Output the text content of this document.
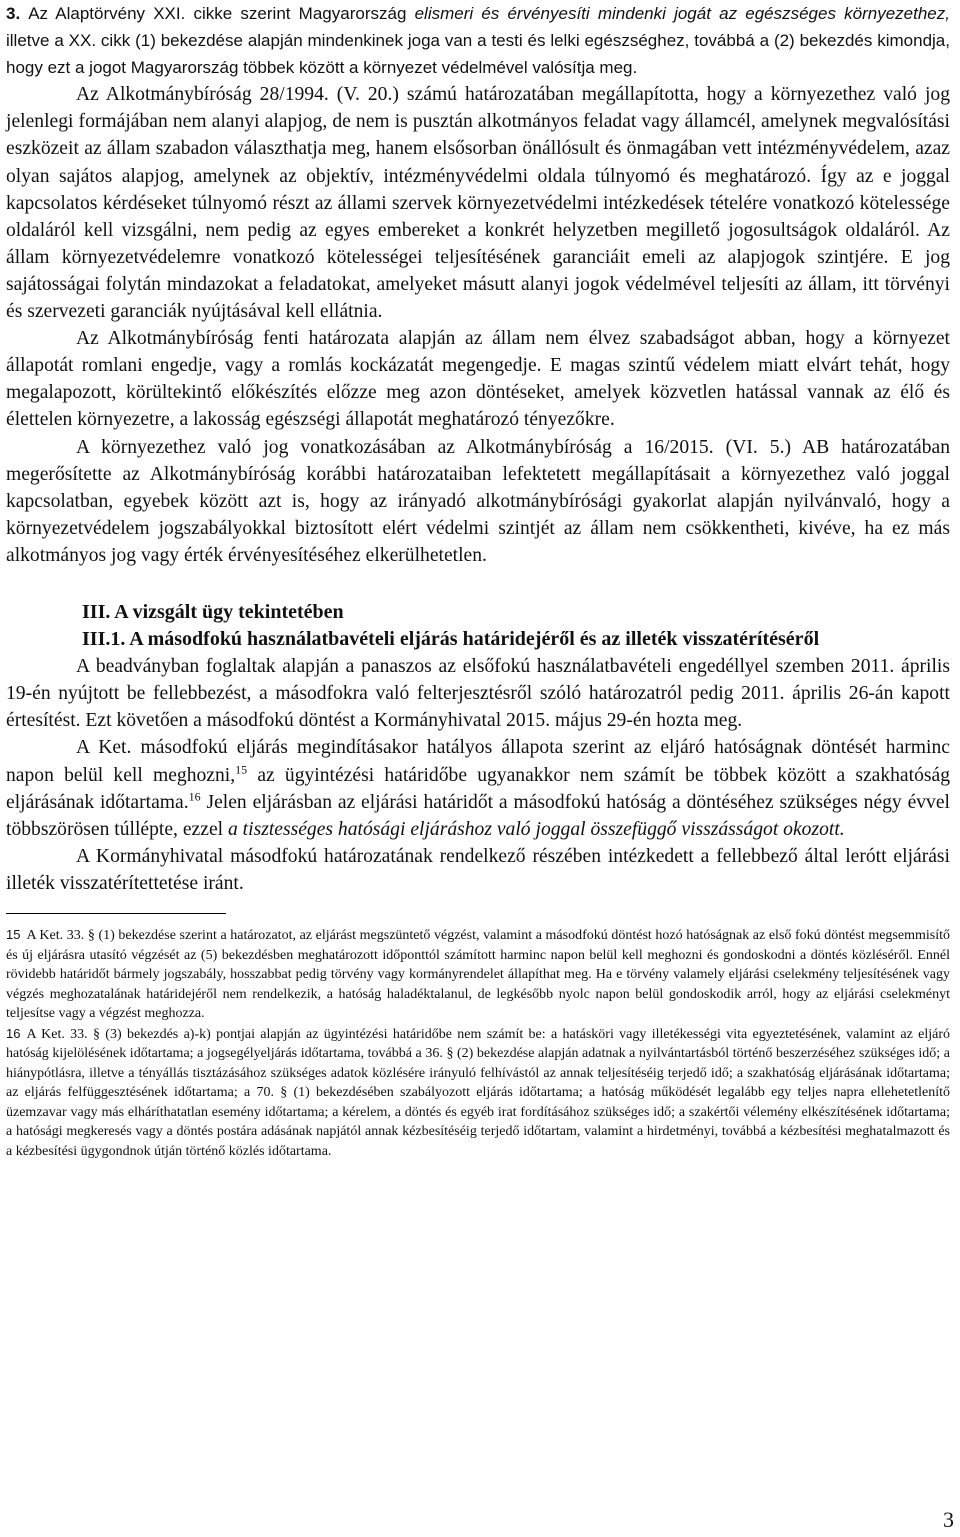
3. Az Alaptörvény XXI. cikke szerint Magyarország elismeri és érvényesíti mindenki jogát az egészséges környezethez, illetve a XX. cikk (1) bekezdése alapján mindenkinek joga van a testi és lelki egészséghez, továbbá a (2) bekezdés kimondja, hogy ezt a jogot Magyarország többek között a környezet védelmével valósítja meg.

Az Alkotmánybíróság 28/1994. (V. 20.) számú határozatában megállapította, hogy a környezethez való jog jelenlegi formájában nem alanyi alapjog, de nem is pusztán alkotmányos feladat vagy államcél, amelynek megvalósítási eszközeit az állam szabadon választhatja meg, hanem elsősorban önállósult és önmagában vett intézményvédelem, azaz olyan sajátos alapjog, amelynek az objektív, intézményvédelmi oldala túlnyomó és meghatározó. Így az e joggal kapcsolatos kérdéseket túlnyomó részt az állami szervek környezetvédelmi intézkedések tételére vonatkozó kötelessége oldaláról kell vizsgálni, nem pedig az egyes embereket a konkrét helyzetben megillető jogosultságok oldaláról. Az állam környezetvédelemre vonatkozó kötelességei teljesítésének garanciáit emeli az alapjogok szintjére. E jog sajátosságai folytán mindazokat a feladatokat, amelyeket másutt alanyi jogok védelmével teljesíti az állam, itt törvényi és szervezeti garanciák nyújtásával kell ellátnia.

Az Alkotmánybíróság fenti határozata alapján az állam nem élvez szabadságot abban, hogy a környezet állapotát romlani engedje, vagy a romlás kockázatát megengedje. E magas szintű védelem miatt elvárt tehát, hogy megalapozott, körültekintő előkészítés előzze meg azon döntéseket, amelyek közvetlen hatással vannak az élő és élettelen környezetre, a lakosság egészségi állapotát meghatározó tényezőkre.

A környezethez való jog vonatkozásában az Alkotmánybíróság a 16/2015. (VI. 5.) AB határozatában megerősítette az Alkotmánybíróság korábbi határozataiban lefektetett megállapításait a környezethez való joggal kapcsolatban, egyebek között azt is, hogy az irányadó alkotmánybírósági gyakorlat alapján nyilvánvaló, hogy a környezetvédelem jogszabályokkal biztosított elért védelmi szintjét az állam nem csökkentheti, kivéve, ha ez más alkotmányos jog vagy érték érvényesítéséhez elkerülhetetlen.

III. A vizsgált ügy tekintetében

III.1. A másodfokú használatbavételi eljárás határidejéről és az illeték visszatérítéséről

A beadványban foglaltak alapján a panaszos az elsőfokú használatbavételi engedéllyel szemben 2011. április 19-én nyújtott be fellebbezést, a másodfokra való felterjesztésről szóló határozatról pedig 2011. április 26-án kapott értesítést. Ezt követően a másodfokú döntést a Kormányhivatal 2015. május 29-én hozta meg.

A Ket. másodfokú eljárás megindításakor hatályos állapota szerint az eljáró hatóságnak döntését harminc napon belül kell meghozni,$^{15}$ az ügyintézési határidőbe ugyanakkor nem számít be többek között a szakhatóság eljárásának időtartama.$^{16}$ Jelen eljárásban az eljárási határidőt a másodfokú hatóság a döntéséhez szükséges négy évvel többszörösen túllépte, ezzel a tisztességes hatósági eljáráshoz való joggal összefüggő visszásságot okozott.

A Kormányhivatal másodfokú határozatának rendelkező részében intézkedett a fellebbező által lerótt eljárási illeték visszatérítettetése iránt.

15 A Ket. 33. § (1) bekezdése szerint a határozatot, az eljárást megszüntető végzést, valamint a másodfokú döntést hozó hatóságnak az első fokú döntést megsemmisítő és új eljárásra utasító végzését az (5) bekezdésben meghatározott időponttól számított harminc napon belül kell meghozni és gondoskodni a döntés közléséről. Ennél rövidebb határidőt bármely jogszabály, hosszabbat pedig törvény vagy kormányrendelet állapíthat meg. Ha e törvény valamely eljárási cselekmény teljesítésének vagy végzés meghozatalának határidejéről nem rendelkezik, a hatóság haladéktalanul, de legkésőbb nyolc napon belül gondoskodik arról, hogy az eljárási cselekményt teljesítse vagy a végzést meghozza.

16 A Ket. 33. § (3) bekezdés a)-k) pontjai alapján az ügyintézési határidőbe nem számít be: a hatásköri vagy illetékességi vita egyeztetésének, valamint az eljáró hatóság kijelölésének időtartama; a jogsegélyeljárás időtartama, továbbá a 36. § (2) bekezdése alapján adatnak a nyilvántartásból történő beszerzéséhez szükséges idő; a hiánypótlásra, illetve a tényállás tisztázásához szükséges adatok közlésére irányuló felhívástól az annak teljesítéséig terjedő idő; a szakhatóság eljárásának időtartama; az eljárás felfüggesztésének időtartama; a 70. § (1) bekezdésében szabályozott eljárás időtartama; a hatóság működését legalább egy teljes napra ellehetetlenítő üzemzavar vagy más elháríthatatlan esemény időtartama; a kérelem, a döntés és egyéb irat fordításához szükséges idő; a szakértői vélemény elkészítésének időtartama; a hatósági megkeresés vagy a döntés postára adásának napjától annak kézbesítéséig terjedő időtartam, valamint a hirdetményi, továbbá a kézbesítési meghatalmazott és a kézbesítési ügygondnok útján történő közlés időtartama.

3
